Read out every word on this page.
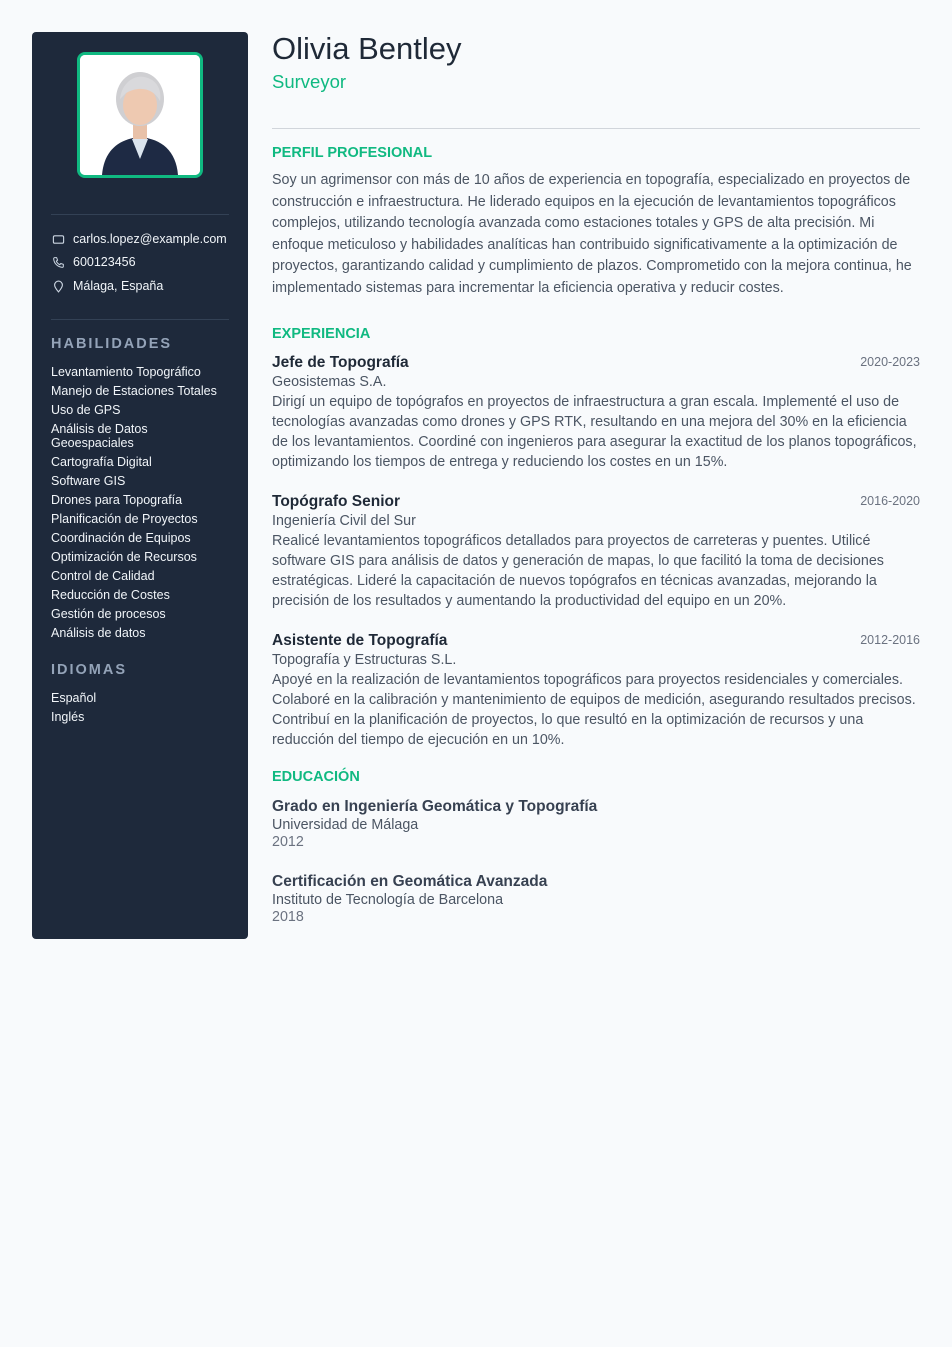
carlos.lopez@example.com
600123456
Málaga, España
HABILIDADES
Levantamiento Topográfico
Manejo de Estaciones Totales
Uso de GPS
Análisis de Datos Geoespaciales
Cartografía Digital
Software GIS
Drones para Topografía
Planificación de Proyectos
Coordinación de Equipos
Optimización de Recursos
Control de Calidad
Reducción de Costes
Gestión de procesos
Análisis de datos
IDIOMAS
Español
Inglés
Olivia Bentley
Surveyor
PERFIL PROFESIONAL

Soy un agrimensor con más de 10 años de experiencia en topografía, especializado en proyectos de construcción e infraestructura. He liderado equipos en la ejecución de levantamientos topográficos complejos, utilizando tecnología avanzada como estaciones totales y GPS de alta precisión. Mi enfoque meticuloso y habilidades analíticas han contribuido significativamente a la optimización de proyectos, garantizando calidad y cumplimiento de plazos. Comprometido con la mejora continua, he implementado sistemas para incrementar la eficiencia operativa y reducir costes.

EXPERIENCIA
Jefe de Topografía	2020-2023
Geosistemas S.A.
Dirigí un equipo de topógrafos en proyectos de infraestructura a gran escala. Implementé el uso de tecnologías avanzadas como drones y GPS RTK, resultando en una mejora del 30% en la eficiencia de los levantamientos. Coordiné con ingenieros para asegurar la exactitud de los planos topográficos, optimizando los tiempos de entrega y reduciendo los costes en un 15%.
Topógrafo Senior	2016-2020
Ingeniería Civil del Sur
Realicé levantamientos topográficos detallados para proyectos de carreteras y puentes. Utilicé software GIS para análisis de datos y generación de mapas, lo que facilitó la toma de decisiones estratégicas. Lideré la capacitación de nuevos topógrafos en técnicas avanzadas, mejorando la precisión de los resultados y aumentando la productividad del equipo en un 20%.
Asistente de Topografía	2012-2016
Topografía y Estructuras S.L.
Apoyé en la realización de levantamientos topográficos para proyectos residenciales y comerciales. Colaboré en la calibración y mantenimiento de equipos de medición, asegurando resultados precisos. Contribuí en la planificación de proyectos, lo que resultó en la optimización de recursos y una reducción del tiempo de ejecución en un 10%.
EDUCACIÓN
Grado en Ingeniería Geomática y Topografía
Universidad de Málaga
2012
Certificación en Geomática Avanzada
Instituto de Tecnología de Barcelona
2018
